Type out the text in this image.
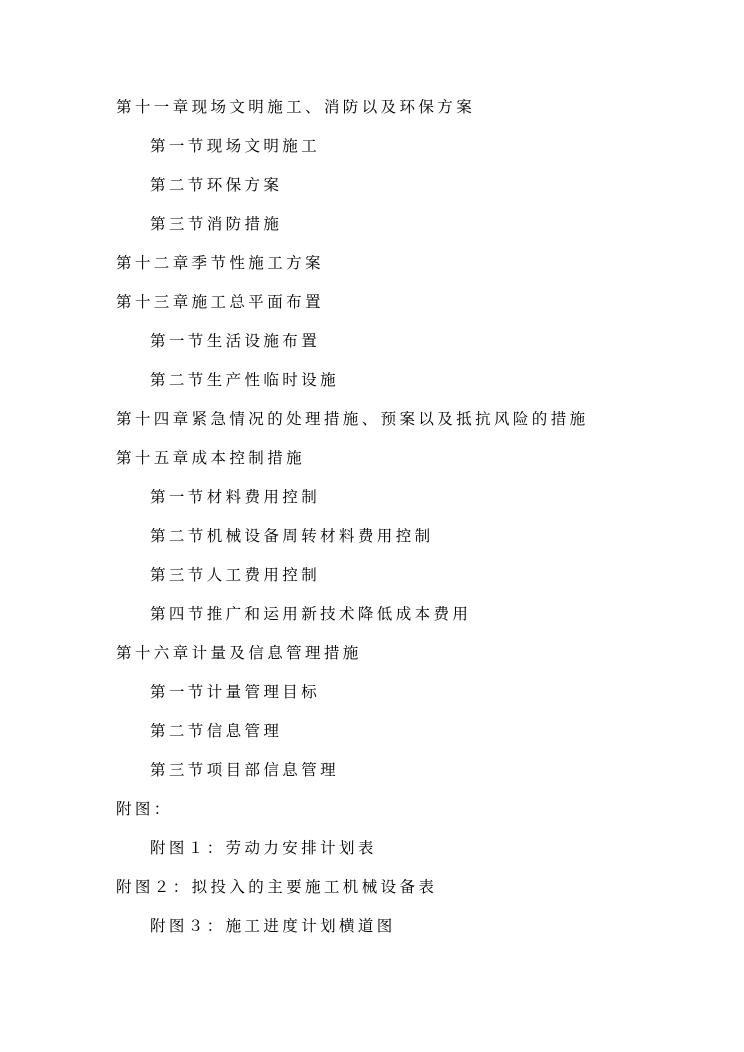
第十一章现场文明施工、消防以及环保方案
第一节现场文明施工
第二节环保方案
第三节消防措施
第十二章季节性施工方案
第十三章施工总平面布置
第一节生活设施布置
第二节生产性临时设施
第十四章紧急情况的处理措施、预案以及抵抗风险的措施
第十五章成本控制措施
第一节材料费用控制
第二节机械设备周转材料费用控制
第三节人工费用控制
第四节推广和运用新技术降低成本费用
第十六章计量及信息管理措施
第一节计量管理目标
第二节信息管理
第三节项目部信息管理
附图：
附图１：劳动力安排计划表
附图２：拟投入的主要施工机械设备表
附图３：施工进度计划横道图
